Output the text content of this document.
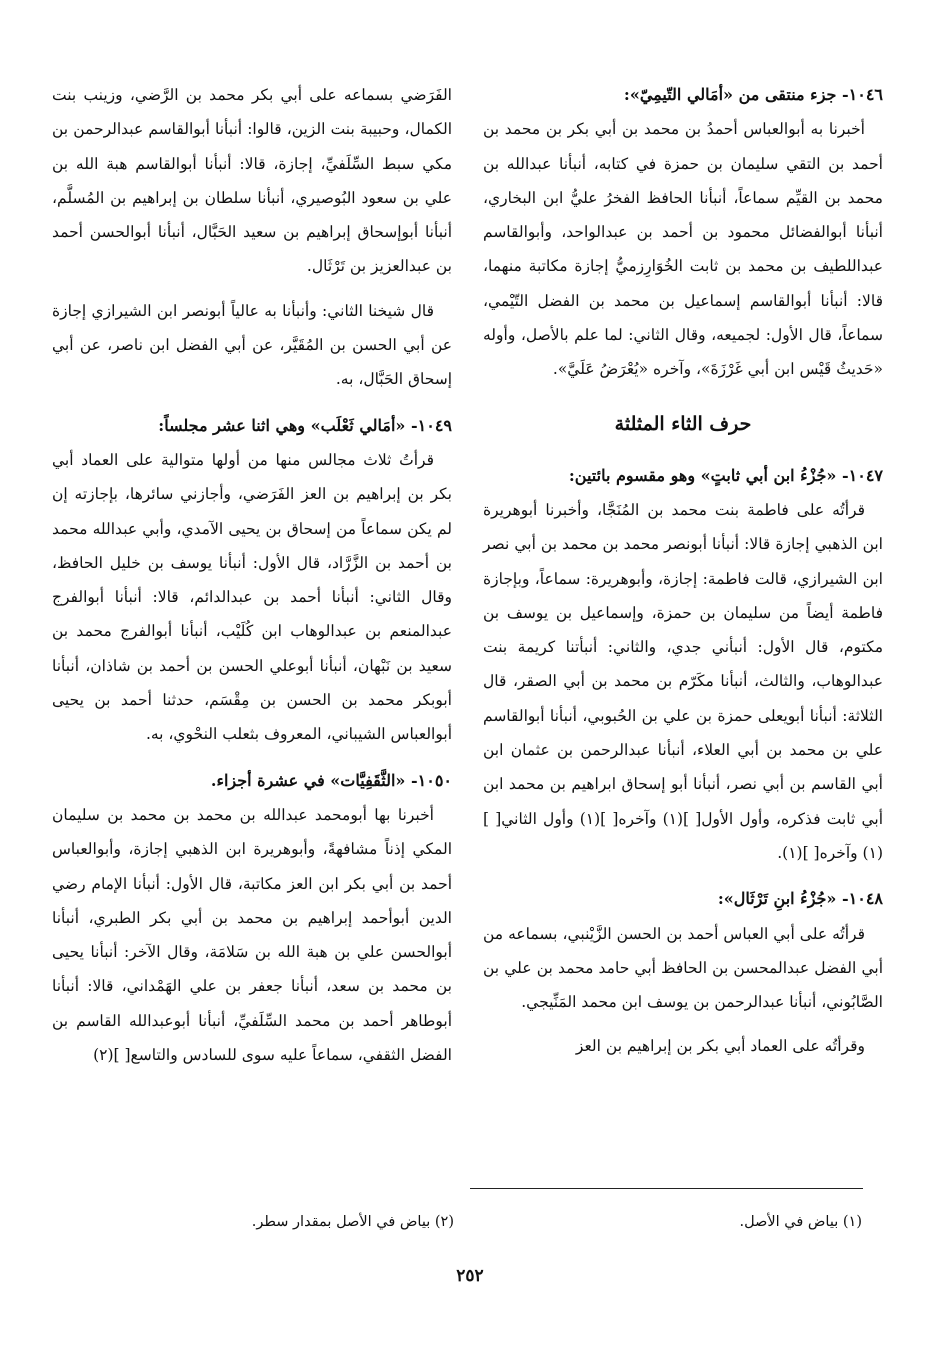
١٠٤٦- جزء منتقى من «أمَالي التّيمِيّ»:

أخبرنا به أبوالعباس أحمدُ بن محمد بن أبي بكر بن محمد بن أحمد بن التقي سليمان بن حمزة في كتابه، أنبأنا عبدالله بن محمد بن القيِّم سماعاً، أنبأنا الحافظ الفخرُ عليُّ ابن البخاري، أنبأنا أبوالفضائل محمود بن أحمد بن عبدالواحد، وأبوالقاسم عبداللطيف بن محمد بن ثابت الخُوَارِزميُّ إجازة مكاتبة منهما، قالا: أنبأنا أبوالقاسم إسماعيل بن محمد بن الفضل التّيْمي، سماعاً، قال الأول: لجميعه، وقال الثاني: لما علم بالأصل، وأوله «حَديثُ قَيْس ابن أبي غَرْزَةَ»، وآخره «يُعْرَضُ عَلَيَّ».

حرف الثاء المثلثة

١٠٤٧- «جُزْءُ ابن أبي ثابتٍ» وهو مقسوم بائتين:

قرأتُه على فاطمة بنت محمد بن المُنَجَّا، وأخبرنا أبوهريرة ابن الذهبي إجازة قالا: أنبأنا أبونصر محمد بن محمد بن أبي نصر ابن الشيرازي، قالت فاطمة: إجازة، وأبوهريرة: سماعاً، وبإجازة فاطمة أيضاً من سليمان بن حمزة، وإسماعيل بن يوسف بن مكتوم، قال الأول: أنبأني جدي، والثاني: أنبأتنا كريمة بنت عبدالوهاب، والثالث، أنبأنا مكَرّم بن محمد بن أبي الصقر، قال الثلاثة: أنبأنا أبويعلى حمزة بن علي بن الحُبوبي، أنبأنا أبوالقاسم علي بن محمد بن أبي العلاء، أنبأنا عبدالرحمن بن عثمان ابن أبي القاسم بن أبي نصر، أنبأنا أبو إسحاق ابراهيم بن محمد ابن أبي ثابت فذكره، وأول الأول[ ](١) وآخره[ ](١) وأول الثاني[ ](١) وآخره[ ](١).

١٠٤٨- «جُزْءُ ابنِ تَرْثَال»:

قرأتُه على أبي العباس أحمد بن الحسن الزَّيْنبي، بسماعه من أبي الفضل عبدالمحسن بن الحافظ أبي حامد محمد بن علي بن الصَّابُوني، أنبأنا عبدالرحمن بن يوسف ابن محمد المَنِّيجي.

وقرأتُه على العماد أبي بكر بن إبراهيم بن العز

الفَرَضي بسماعه على أبي بكر محمد بن الرَّضي، وزينب بنت الكمال، وحبيبة بنت الزين، قالوا: أنبأنا أبوالقاسم عبدالرحمن بن مكي سبط السِّلَفيِّ، إجازة، قالا: أنبأنا أبوالقاسم هبة الله بن علي بن سعود البُوصيري، أنبأنا سلطان بن إبراهيم بن المُسلَّم، أنبأنا أبوإسحاق إبراهيم بن سعيد الحَبَّال، أنبأنا أبوالحسن أحمد بن عبدالعزيز بن تَرْثَال.

قال شيخنا الثاني: وأنبأنا به عالياً أبونصر ابن الشيرازي إجازة عن أبي الحسن بن المُقَيَّر، عن أبي الفضل ابن ناصر، عن أبي إسحاق الحَبَّال، به.

١٠٤٩- «أمَالي ثَعْلَب» وهي اثنا عشر مجلساً:

قرأتُ ثلاث مجالس منها من أولها متوالية على العماد أبي بكر بن إبراهيم بن العز الفَرَضي، وأجازني سائرها، بإجازته إن لم يكن سماعاً من إسحاق بن يحيى الآمدي، وأبي عبدالله محمد بن أحمد بن الزَّرَّاد، قال الأول: أنبأنا يوسف بن خليل الحافظ، وقال الثاني: أنبأنا أحمد بن عبدالدائم، قالا: أنبأنا أبوالفرج عبدالمنعم بن عبدالوهاب ابن كُلَيْب، أنبأنا أبوالفرج محمد بن سعيد بن نَبْهان، أنبأنا أبوعلي الحسن بن أحمد بن شاذان، أنبأنا أبوبكر محمد بن الحسن بن مِقْسَم، حدثنا أحمد بن يحيى أبوالعباس الشيباني، المعروف بثعلب النحْوي، به.

١٠٥٠- «الثَّقَفِيَّات» في عشرة أجزاء.

أخبرنا بها أبومحمد عبدالله بن محمد بن محمد بن سليمان المكي إذناً مشافهةً، وأبوهريرة ابن الذهبي إجازة، وأبوالعباس أحمد بن أبي بكر ابن العز مكاتبة، قال الأول: أنبأنا الإمام رضي الدين أبوأحمد إبراهيم بن محمد بن أبي بكر الطبري، أنبأنا أبوالحسن علي بن هبة الله بن سَلامَة، وقال الآخر: أنبأنا يحيى بن محمد بن سعد، أنبأنا جعفر بن علي الهَمْداني، قالا: أنبأنا أبوطاهر أحمد بن محمد السِّلَفيِّ، أنبأنا أبوعبدالله القاسم بن الفضل الثقفي، سماعاً عليه سوى للسادس والتاسع[ ](٢)

(١) بياض في الأصل.
(٢) بياض في الأصل بمقدار سطر.
٢٥٢
